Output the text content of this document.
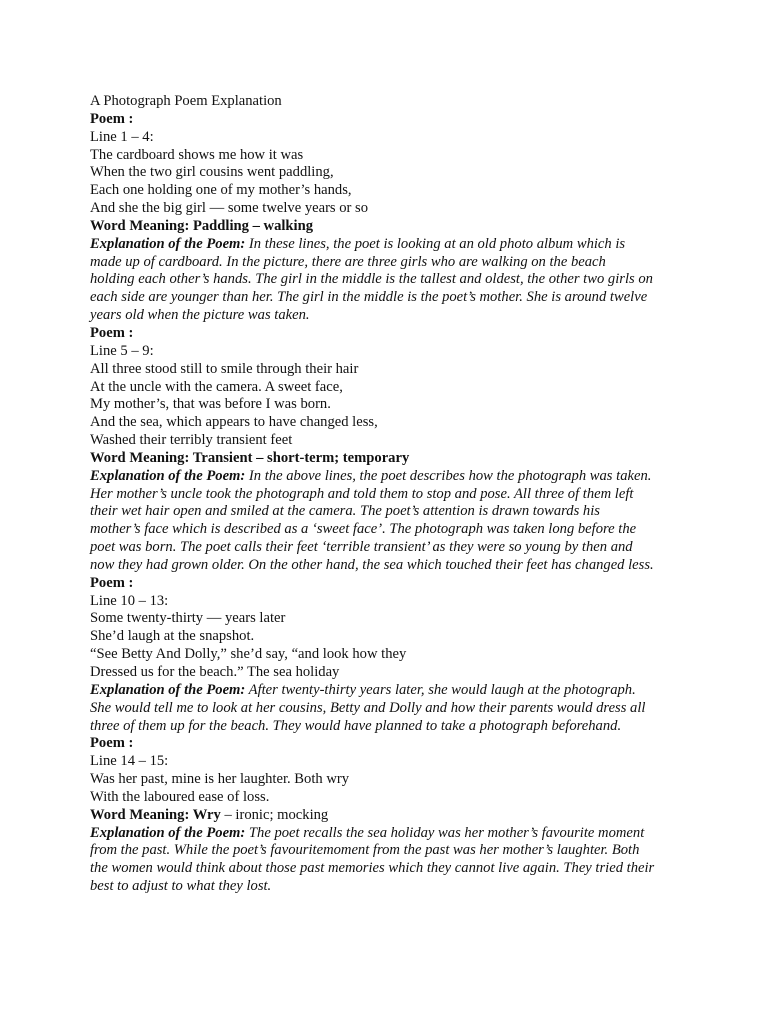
A Photograph Poem Explanation
Poem :
Line 1 – 4:
The cardboard shows me how it was
When the two girl cousins went paddling,
Each one holding one of my mother’s hands,
And she the big girl — some twelve years or so
Word Meaning: Paddling – walking
Explanation of the Poem: In these lines, the poet is looking at an old photo album which is
made up of cardboard. In the picture, there are three girls who are walking on the beach
holding each other’s hands. The girl in the middle is the tallest and oldest, the other two girls on
each side are younger than her. The girl in the middle is the poet’s mother. She is around twelve
years old when the picture was taken.
Poem :
Line 5 – 9:
All three stood still to smile through their hair
At the uncle with the camera. A sweet face,
My mother’s, that was before I was born.
And the sea, which appears to have changed less,
Washed their terribly transient feet
Word Meaning: Transient – short-term; temporary
Explanation of the Poem: In the above lines, the poet describes how the photograph was taken.
Her mother’s uncle took the photograph and told them to stop and pose. All three of them left
their wet hair open and smiled at the camera. The poet’s attention is drawn towards his
mother’s face which is described as a ‘sweet face’. The photograph was taken long before the
poet was born. The poet calls their feet ‘terrible transient’ as they were so young by then and
now they had grown older. On the other hand, the sea which touched their feet has changed less.
Poem :
Line 10 – 13:
Some twenty-thirty — years later
She’d laugh at the snapshot.
“See Betty And Dolly,” she’d say, “and look how they
Dressed us for the beach.” The sea holiday
Explanation of the Poem: After twenty-thirty years later, she would laugh at the photograph.
She would tell me to look at her cousins, Betty and Dolly and how their parents would dress all
three of them up for the beach. They would have planned to take a photograph beforehand.
Poem :
Line 14 – 15:
Was her past, mine is her laughter. Both wry
With the laboured ease of loss.
Word Meaning: Wry – ironic; mocking
Explanation of the Poem: The poet recalls the sea holiday was her mother’s favourite moment
from the past. While the poet’s favouritemoment from the past was her mother’s laughter. Both
the women would think about those past memories which they cannot live again. They tried their
best to adjust to what they lost.
